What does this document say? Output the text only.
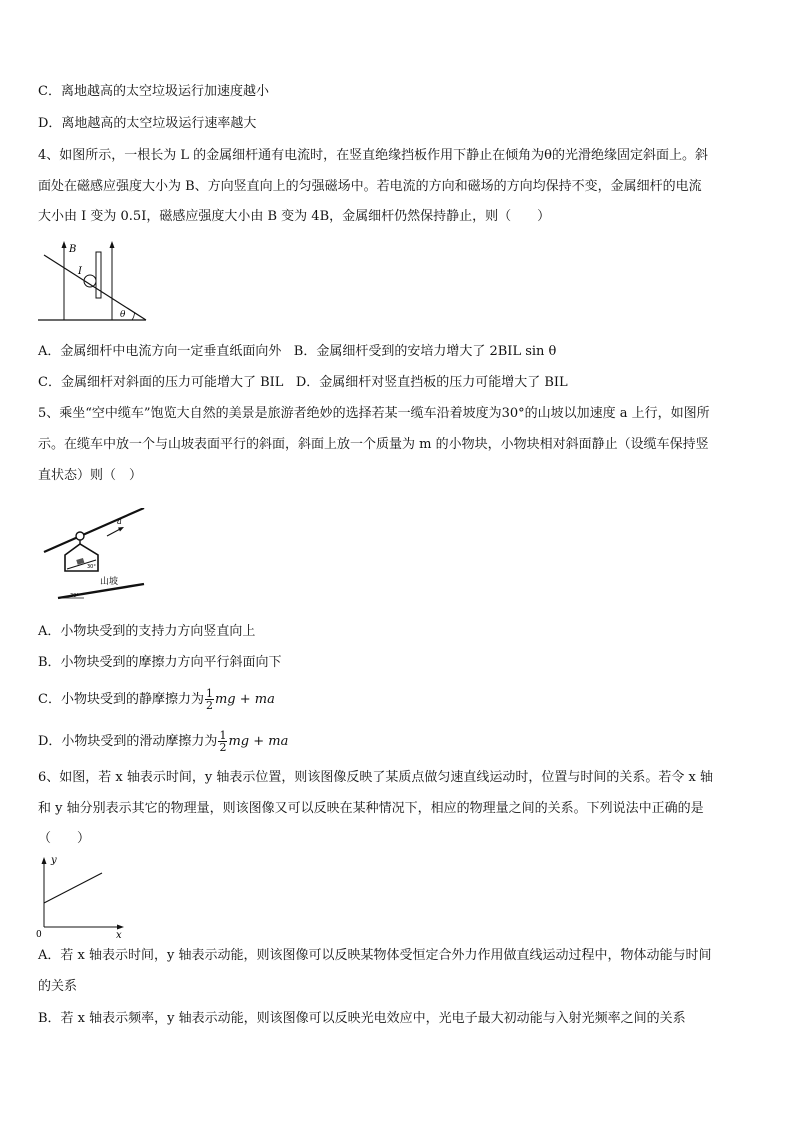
C．离地越高的太空垃圾运行加速度越小
D．离地越高的太空垃圾运行速率越大
4、如图所示，一根长为 L 的金属细杆通有电流时，在竖直绝缘挡板作用下静止在倾角为θ的光滑绝缘固定斜面上。斜
面处在磁感应强度大小为 B、方向竖直向上的匀强磁场中。若电流的方向和磁场的方向均保持不变，金属细杆的电流
大小由 I 变为 0.5I，磁感应强度大小由 B 变为 4B，金属细杆仍然保持静止，则（　　）
B
I
θ
A．金属细杆中电流方向一定垂直纸面向外 B．金属细杆受到的安培力增大了 2BIL sin θ
C．金属细杆对斜面的压力可能增大了 BIL D．金属细杆对竖直挡板的压力可能增大了 BIL
5、乘坐“空中缆车”饱览大自然的美景是旅游者绝妙的选择若某一缆车沿着坡度为30°的山坡以加速度 a 上行，如图所
示。在缆车中放一个与山坡表面平行的斜面，斜面上放一个质量为 m 的小物块，小物块相对斜面静止（设缆车保持竖
直状态）则（　）
30°
a
30°
山坡
A．小物块受到的支持力方向竖直向上
B．小物块受到的摩擦力方向平行斜面向下
C．小物块受到的静摩擦力为 $\frac{1}{2}$ mg + ma
D．小物块受到的滑动摩擦力为 $\frac{1}{2}$ mg + ma
6、如图，若 x 轴表示时间，y 轴表示位置，则该图像反映了某质点做匀速直线运动时，位置与时间的关系。若令 x 轴
和 y 轴分别表示其它的物理量，则该图像又可以反映在某种情况下，相应的物理量之间的关系。下列说法中正确的是
（　　）
y
x
0
A．若 x 轴表示时间，y 轴表示动能，则该图像可以反映某物体受恒定合外力作用做直线运动过程中，物体动能与时间
的关系
B．若 x 轴表示频率，y 轴表示动能，则该图像可以反映光电效应中，光电子最大初动能与入射光频率之间的关系
